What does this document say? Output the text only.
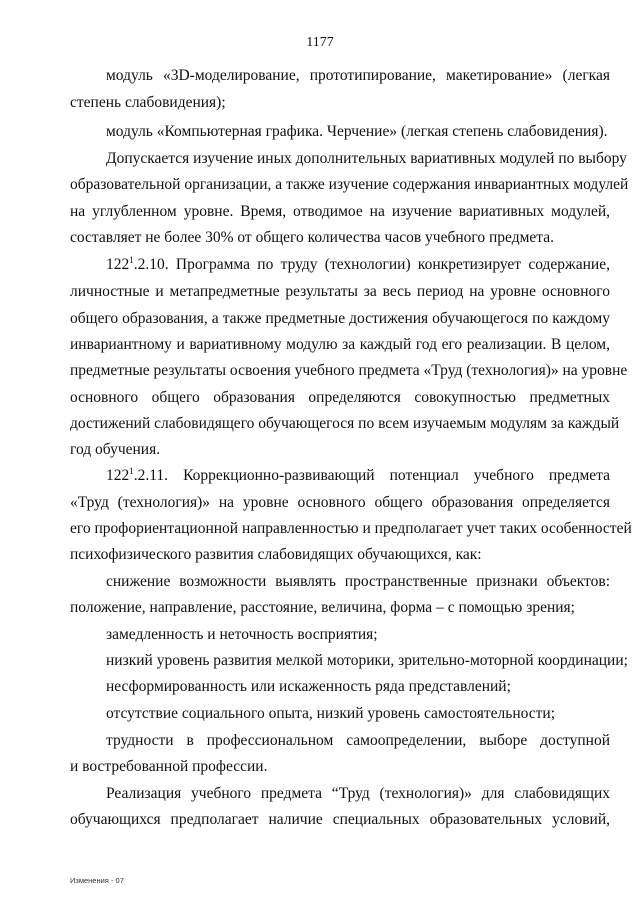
1177
модуль «3D-моделирование, прототипирование, макетирование» (легкая
степень слабовидения);
модуль «Компьютерная графика. Черчение» (легкая степень слабовидения).
Допускается изучение иных дополнительных вариативных модулей по выбору
образовательной организации, а также изучение содержания инвариантных модулей
на углубленном уровне. Время, отводимое на изучение вариативных модулей,
составляет не более 30% от общего количества часов учебного предмета.
$122^1$ .2.10. Программа по труду (технологии) конкретизирует содержание,
личностные и метапредметные результаты за весь период на уровне основного
общего образования, а также предметные достижения обучающегося по каждому
инвариантному и вариативному модулю за каждый год его реализации. В целом,
предметные результаты освоения учебного предмета «Труд (технология)» на уровне
основного общего образования определяются совокупностью предметных
достижений слабовидящего обучающегося по всем изучаемым модулям за каждый
год обучения.
$122^1$ .2.11. Коррекционно-развивающий потенциал учебного предмета
«Труд (технология)» на уровне основного общего образования определяется
его профориентационной направленностью и предполагает учет таких особенностей
психофизического развития слабовидящих обучающихся, как:
снижение возможности выявлять пространственные признаки объектов:
положение, направление, расстояние, величина, форма – с помощью зрения;
замедленность и неточность восприятия;
низкий уровень развития мелкой моторики, зрительно-моторной координации;
несформированность или искаженность ряда представлений;
отсутствие социального опыта, низкий уровень самостоятельности;
трудности в профессиональном самоопределении, выборе доступной
и востребованной профессии.
Реализация учебного предмета “Труд (технология)» для слабовидящих
обучающихся предполагает наличие специальных образовательных условий,
Изменения - 07
